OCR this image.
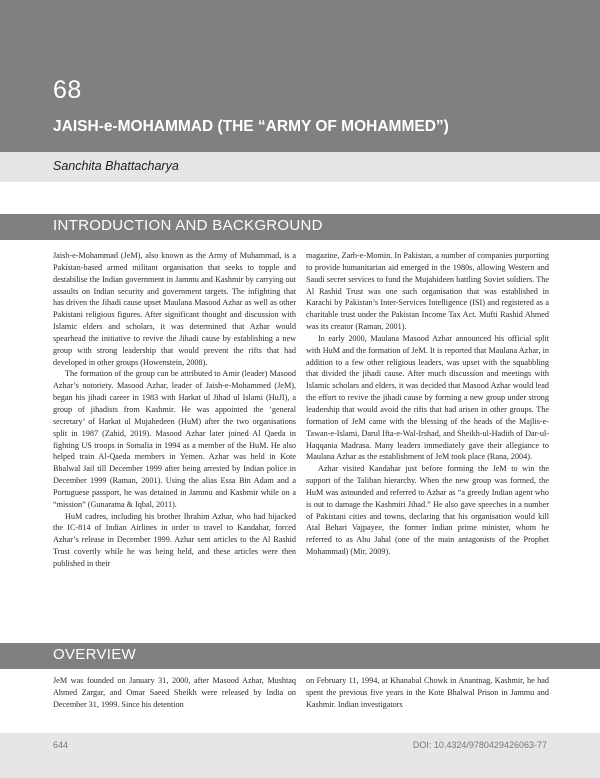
68
JAISH-e-MOHAMMAD (THE “ARMY OF MOHAMMED”)
Sanchita Bhattacharya
INTRODUCTION AND BACKGROUND

Jaish-e-Mohammad (JeM), also known as the Army of Muhammad, is a Pakistan-based armed militant organisation that seeks to topple and destabilise the Indian government in Jammu and Kashmir by carrying out assaults on Indian security and government targets. The infighting that has driven the Jihadi cause upset Maulana Masood Azhar as well as other Pakistani religious figures. After significant thought and discussion with Islamic elders and scholars, it was determined that Azhar would spearhead the initiative to revive the Jihadi cause by establishing a new group with strong leadership that would prevent the rifts that had developed in other groups (Howenstein, 2008).

The formation of the group can be attributed to Amir (leader) Masood Azhar’s notoriety. Masood Azhar, leader of Jaish-e-Mohammed (JeM), began his jihadi career in 1983 with Harkat ul Jihad ul Islami (HuJI), a group of jihadists from Kashmir. He was appointed the ‘general secretary’ of Harkat ul Mujahedeen (HuM) after the two organisations split in 1987 (Zahid, 2019). Masood Azhar later joined Al Qaeda in fighting US troops in Somalia in 1994 as a member of the HuM. He also helped train Al-Qaeda members in Yemen. Azhar was held in Kote Bhalwal Jail till December 1999 after being arrested by Indian police in December 1999 (Raman, 2001). Using the alias Essa Bin Adam and a Portuguese passport, he was detained in Jammu and Kashmir while on a “mission” (Gunaratna & Iqbal, 2011).

HuM cadres, including his brother Ibrahim Azhar, who had hijacked the IC-814 of Indian Airlines in order to travel to Kandahar, forced Azhar’s release in December 1999. Azhar sent articles to the Al Rashid Trust covertly while he was being held, and these articles were then published in their

magazine, Zarb-e-Momin. In Pakistan, a number of companies purporting to provide humanitarian aid emerged in the 1980s, allowing Western and Saudi secret services to fund the Mujahideen battling Soviet soldiers. The Al Rashid Trust was one such organisation that was established in Karachi by Pakistan’s Inter-Services Intelligence (ISI) and registered as a charitable trust under the Pakistan Income Tax Act. Mufti Rashid Ahmed was its creator (Raman, 2001).

In early 2000, Maulana Masood Azhar announced his official split with HuM and the formation of JeM. It is reported that Maulana Azhar, in addition to a few other religious leaders, was upset with the squabbling that divided the jihadi cause. After much discussion and meetings with Islamic scholars and elders, it was decided that Masood Azhar would lead the effort to revive the jihadi cause by forming a new group under strong leadership that would avoid the rifts that had arisen in other groups. The formation of JeM came with the blessing of the heads of the Majlis-e-Tawan-e-Islami, Darul Ifta-e-Wal-Irshad, and Sheikh-ul-Hadith of Dar-ul-Haqqania Madrasa. Many leaders immediately gave their allegiance to Maulana Azhar as the establishment of JeM took place (Rana, 2004).

Azhar visited Kandahar just before forming the JeM to win the support of the Taliban hierarchy. When the new group was formed, the HuM was astounded and referred to Azhar as “a greedy Indian agent who is out to damage the Kashmiri Jihad.” He also gave speeches in a number of Pakistani cities and towns, declaring that his organisation would kill Atal Behari Vajpayee, the former Indian prime minister, whom he referred to as Abu Jahal (one of the main antagonists of the Prophet Mohammad) (Mir, 2009).

OVERVIEW

JeM was founded on January 31, 2000, after Masood Azhar, Mushtaq Ahmed Zargar, and Omar Saeed Sheikh were released by India on December 31, 1999. Since his detention

on February 11, 1994, at Khanabal Chowk in Anantnag, Kashmir, he had spent the previous five years in the Kote Bhalwal Prison in Jammu and Kashmir. Indian investigators

644	DOI: 10.4324/9780429426063-77
